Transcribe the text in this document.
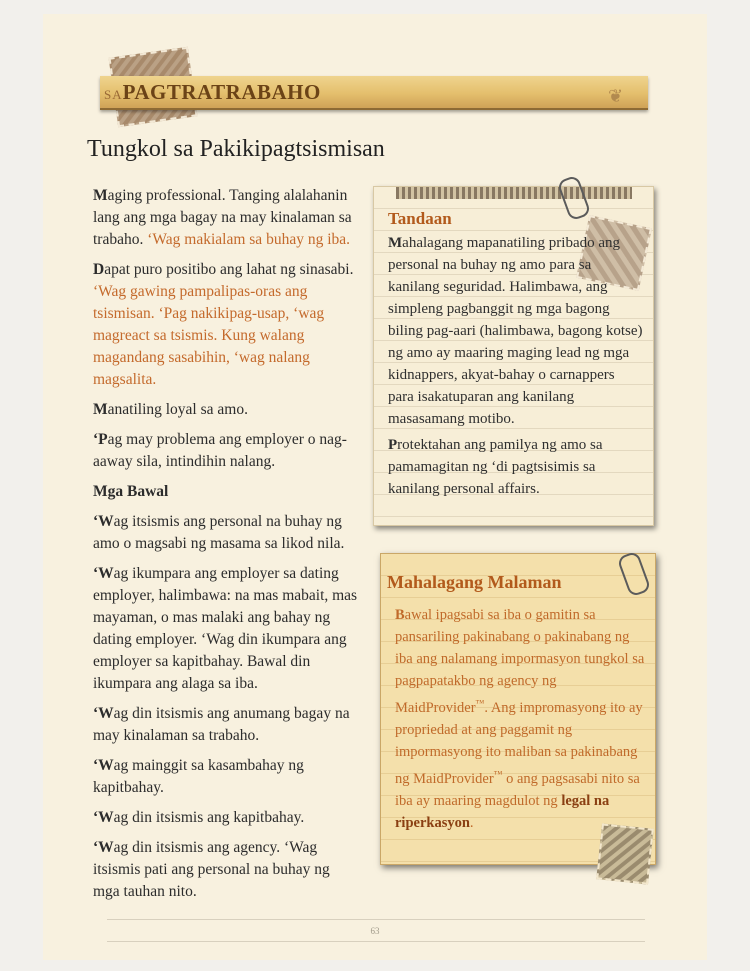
SAPAGTRATRABAHO	❦
Tungkol sa Pakikipagtsismisan

Maging professional. Tanging alalahanin lang ang mga bagay na may kinalaman sa trabaho. ‘Wag makialam sa buhay ng iba.

Dapat puro positibo ang lahat ng sinasabi. ‘Wag gawing pampalipas-oras ang tsismisan. ‘Pag nakikipag-usap, ‘wag magreact sa tsismis. Kung walang magandang sasabihin, ‘wag nalang magsalita.

Manatiling loyal sa amo.

‘Pag may problema ang employer o nag-aaway sila, intindihin nalang.

Mga Bawal

‘Wag itsismis ang personal na buhay ng amo o magsabi ng masama sa likod nila.

‘Wag ikumpara ang employer sa dating employer, halimbawa: na mas mabait, mas mayaman, o mas malaki ang bahay ng dating employer. ‘Wag din ikumpara ang employer sa kapitbahay. Bawal din ikumpara ang alaga sa iba.

‘Wag din itsismis ang anumang bagay na may kinalaman sa trabaho.

‘Wag mainggit sa kasambahay ng kapitbahay.

‘Wag din itsismis ang kapitbahay.

‘Wag din itsismis ang agency. ‘Wag itsismis pati ang personal na buhay ng mga tauhan nito.

Tandaan

Mahalagang mapanatiling pribado ang personal na buhay ng amo para sa kanilang seguridad. Halimbawa, ang simpleng pagbanggit ng mga bagong biling pag-aari (halimbawa, bagong kotse) ng amo ay maaring maging lead ng mga kidnappers, akyat-bahay o carnappers para isakatuparan ang kanilang masasamang motibo.

Protektahan ang pamilya ng amo sa pamamagitan ng ‘di pagtsisimis sa kanilang personal affairs.

Mahalagang Malaman
Bawal ipagsabi sa iba o gamitin sa pansariling pakinabang o pakinabang ng iba ang nalamang impormasyon tungkol sa pagpapatakbo ng agency ng MaidProvider™. Ang impromasyong ito ay propriedad at ang paggamit ng impormasyong ito maliban sa pakinabang ng MaidProvider™ o ang pagsasabi nito sa iba ay maaring magdulot ng legal na riperkasyon.
63
